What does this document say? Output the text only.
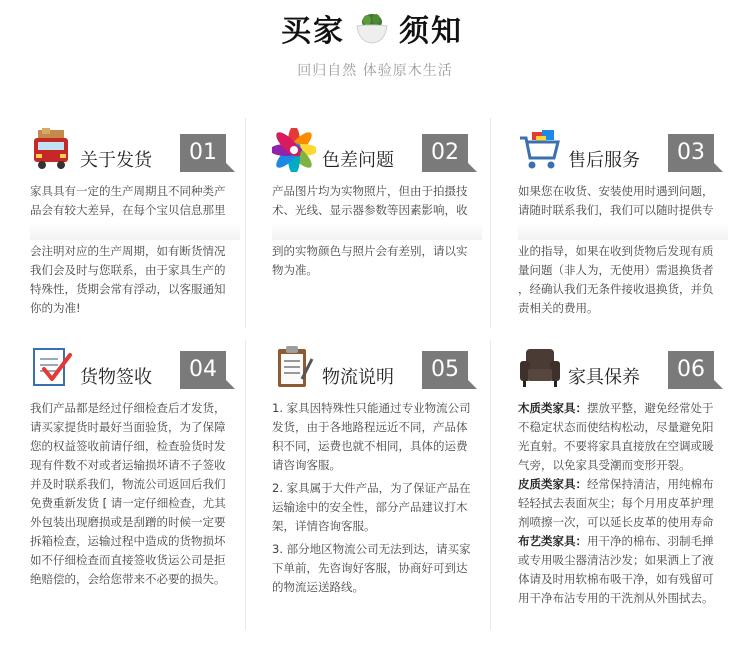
买家 须知
回归自然 体验原木生活
关于发货	01

家具具有一定的生产周期且不同种类产

品会有较大差异，在每个宝贝信息那里

会注明对应的生产周期，如有断货情况

我们会及时与您联系，由于家具生产的

特殊性，货期会常有浮动，以客服通知

你的为准!

色差问题	02

产品图片均为实物照片，但由于拍摄技

术、光线、显示器参数等因素影响，收

到的实物颜色与照片会有差别，请以实

物为准。

售后服务	03

如果您在收货、安装使用时遇到问题，

请随时联系我们，我们可以随时提供专

业的指导，如果在收到货物后发现有质

量问题（非人为，无使用）需退换货者

，经确认我们无条件接收退换货，并负

责相关的费用。

货物签收	04

我们产品都是经过仔细检查后才发货，

请买家提货时最好当面验货，为了保障

您的权益签收前请仔细，检查验货时发

现有件数不对或者运输损坏请不子签收

并及时联系我们，物流公司返回后我们

免费重新发货 [ 请一定仔细检查，尤其

外包装出现磨损或是刮蹭的时候一定要

拆箱检查，运输过程中造成的货物损坏

如不仔细检查而直接签收货运公司是拒

绝赔偿的，会给您带来不必要的损失。

物流说明	05

1. 家具因特殊性只能通过专业物流公司

发货，由于各地路程远近不同，产品体

积不同，运费也就不相同，具体的运费

请咨询客服。

2. 家具属于大件产品，为了保证产品在

运输途中的安全性，部分产品建议打木

架，详情咨询客服。

3. 部分地区物流公司无法到达，请买家

下单前，先咨询好客服，协商好可到达

的物流运送路线。

家具保养	06

木质类家具：摆放平整，避免经常处于

不稳定状态而使结构松动，尽量避免阳

光直射。不要将家具直接放在空调或暖

气旁，以免家具受潮而变形开裂。

皮质类家具：经常保持清洁，用纯棉布

轻轻拭去表面灰尘；每个月用皮革护理

剂喷擦一次，可以延长皮革的使用寿命

布艺类家具：用干净的棉布、羽制毛掸

或专用吸尘器清洁沙发；如果洒上了液

体请及时用软棉布吸干净，如有残留可

用干净布沾专用的干洗剂从外围拭去。
